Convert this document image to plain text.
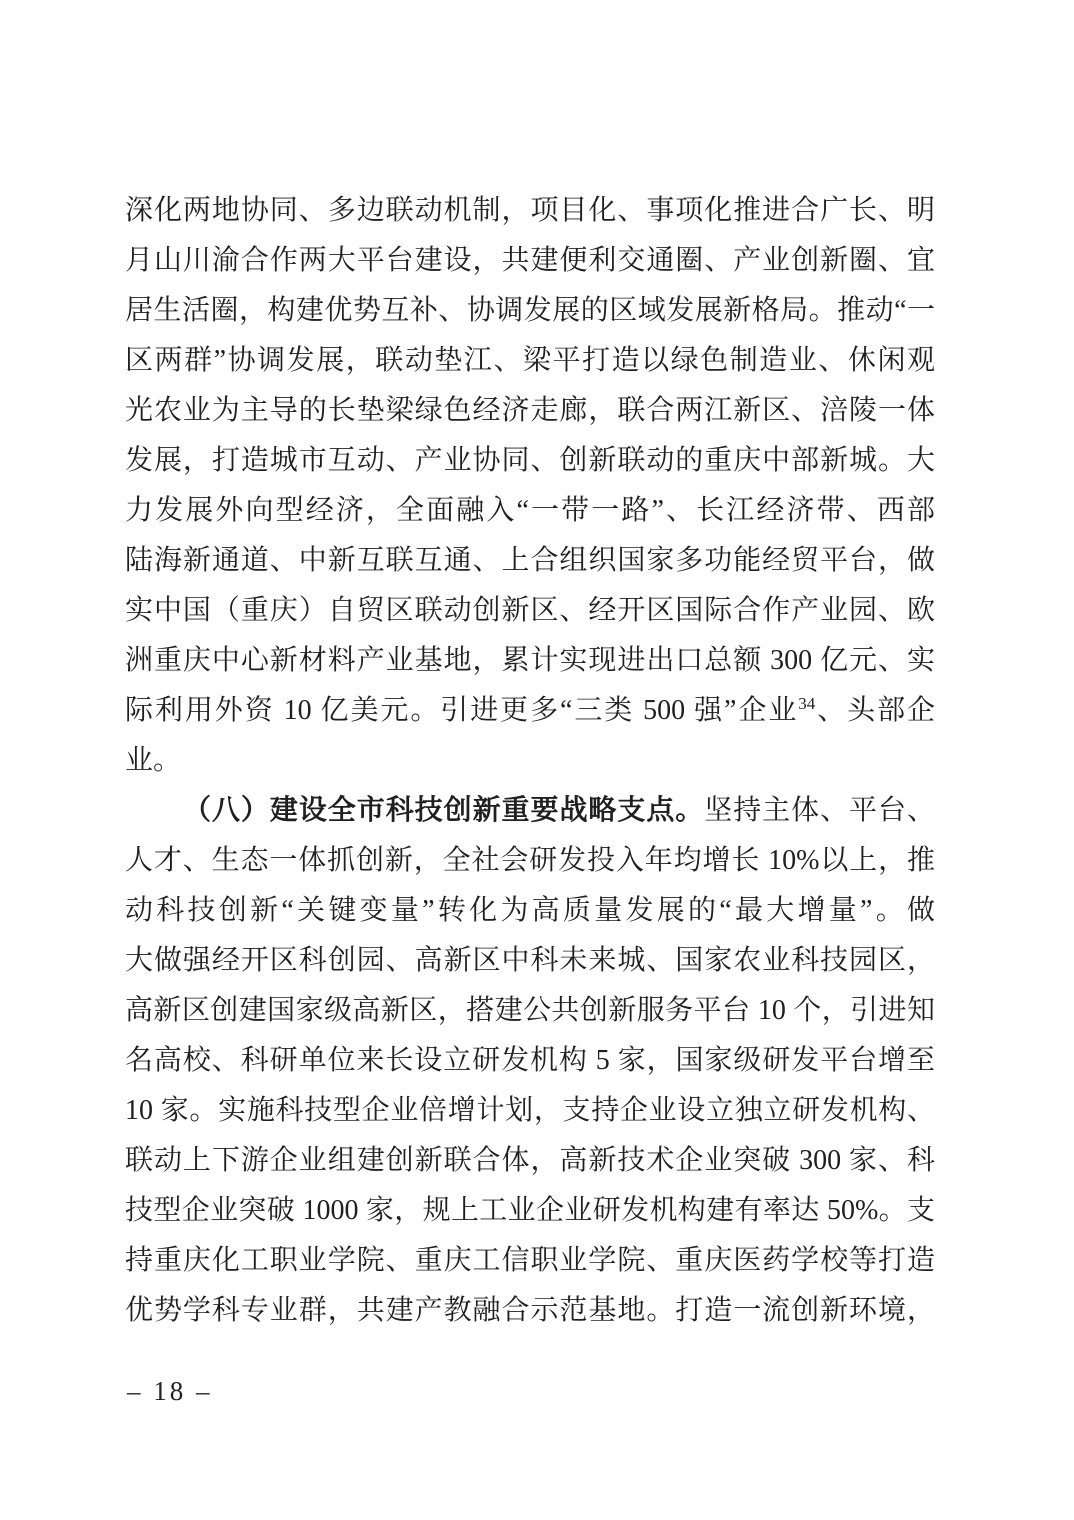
深化两地协同、多边联动机制，项目化、事项化推进合广长、明
月山川渝合作两大平台建设，共建便利交通圈、产业创新圈、宜
居生活圈，构建优势互补、协调发展的区域发展新格局。推动“一
区两群”协调发展，联动垫江、梁平打造以绿色制造业、休闲观
光农业为主导的长垫梁绿色经济走廊，联合两江新区、涪陵一体
发展，打造城市互动、产业协同、创新联动的重庆中部新城。大
力发展外向型经济，全面融入“一带一路”、长江经济带、西部
陆海新通道、中新互联互通、上合组织国家多功能经贸平台，做
实中国（重庆）自贸区联动创新区、经开区国际合作产业园、欧
洲重庆中心新材料产业基地，累计实现进出口总额 300 亿元、实
际利用外资 10 亿美元。引进更多“三类 500 强”企业$^{34}$、头部企
业。
（八）建设全市科技创新重要战略支点。坚持主体、平台、
人才、生态一体抓创新，全社会研发投入年均增长 10%以上，推
动科技创新“关键变量”转化为高质量发展的“最大增量”。做
大做强经开区科创园、高新区中科未来城、国家农业科技园区，
高新区创建国家级高新区，搭建公共创新服务平台 10 个，引进知
名高校、科研单位来长设立研发机构 5 家，国家级研发平台增至
10 家。实施科技型企业倍增计划，支持企业设立独立研发机构、
联动上下游企业组建创新联合体，高新技术企业突破 300 家、科
技型企业突破 1000 家，规上工业企业研发机构建有率达 50%。支
持重庆化工职业学院、重庆工信职业学院、重庆医药学校等打造
优势学科专业群，共建产教融合示范基地。打造一流创新环境，
– 18 –
